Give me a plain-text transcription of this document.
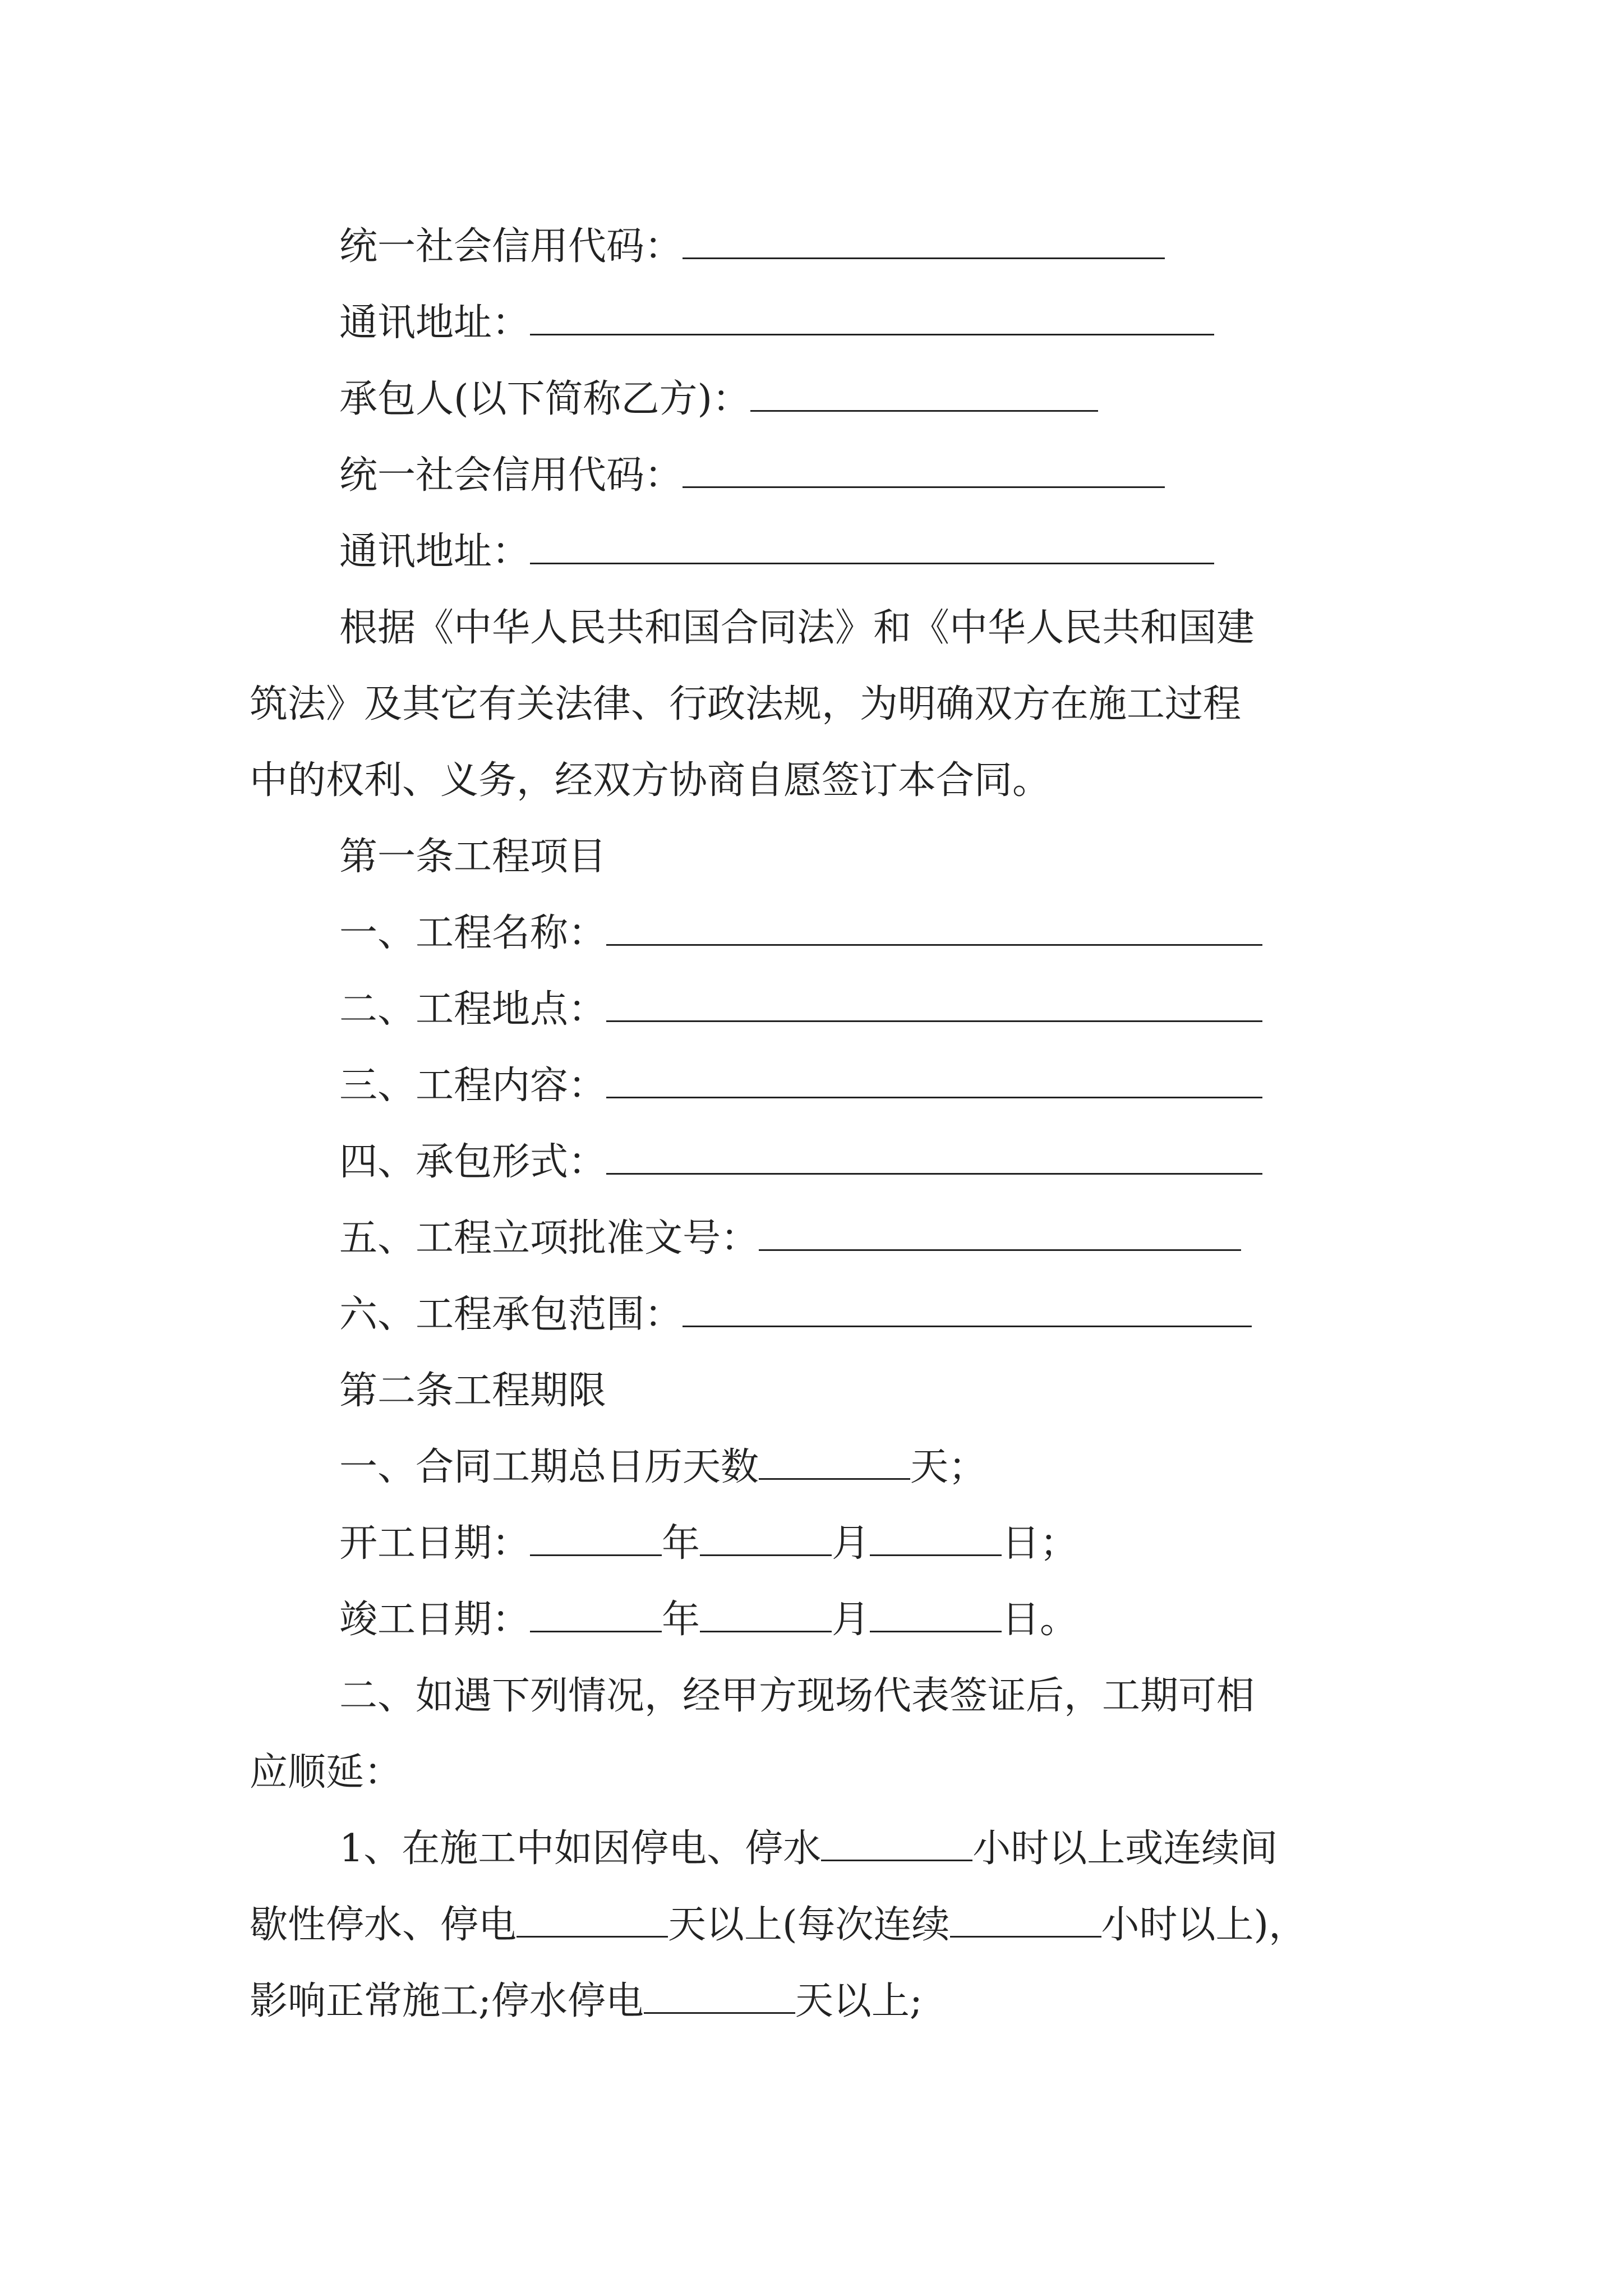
统一社会信用代码：
通讯地址：
承包人(以下简称乙方)：
统一社会信用代码：
通讯地址：
根据《中华人民共和国合同法》和《中华人民共和国建
筑法》及其它有关法律、行政法规，为明确双方在施工过程
中的权利、义务，经双方协商自愿签订本合同。
第一条工程项目
一、工程名称：
二、工程地点：
三、工程内容：
四、承包形式：
五、工程立项批准文号：
六、工程承包范围：
第二条工程期限
一、合同工期总日历天数	天；
开工日期：	年	月	日；
竣工日期：	年	月	日。
二、如遇下列情况，经甲方现场代表签证后，工期可相
应顺延：
1、在施工中如因停电、停水	小时以上或连续间
歇性停水、停电	天以上(每次连续	小时以上)，
影响正常施工;停水停电	天以上;
